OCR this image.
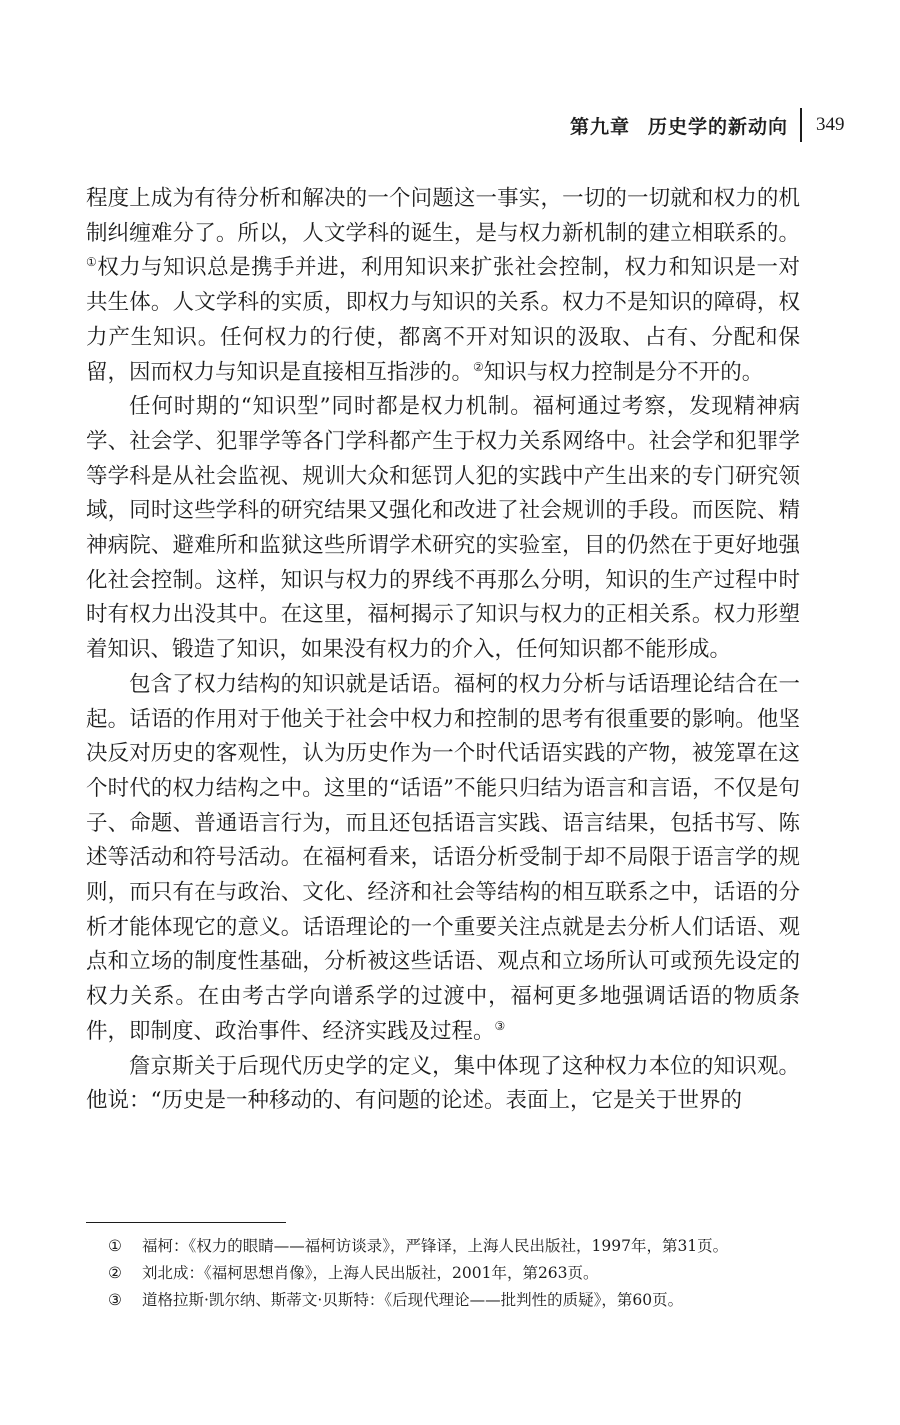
第九章 历史学的新动向 349

程度上成为有待分析和解决的一个问题这一事实，一切的一切就和权力的机制纠缠难分了。所以，人文学科的诞生，是与权力新机制的建立相联系的。①权力与知识总是携手并进，利用知识来扩张社会控制，权力和知识是一对共生体。人文学科的实质，即权力与知识的关系。权力不是知识的障碍，权力产生知识。任何权力的行使，都离不开对知识的汲取、占有、分配和保留，因而权力与知识是直接相互指涉的。②知识与权力控制是分不开的。

任何时期的“知识型”同时都是权力机制。福柯通过考察，发现精神病学、社会学、犯罪学等各门学科都产生于权力关系网络中。社会学和犯罪学等学科是从社会监视、规训大众和惩罚人犯的实践中产生出来的专门研究领域，同时这些学科的研究结果又强化和改进了社会规训的手段。而医院、精神病院、避难所和监狱这些所谓学术研究的实验室，目的仍然在于更好地强化社会控制。这样，知识与权力的界线不再那么分明，知识的生产过程中时时有权力出没其中。在这里，福柯揭示了知识与权力的正相关系。权力形塑着知识、锻造了知识，如果没有权力的介入，任何知识都不能形成。

包含了权力结构的知识就是话语。福柯的权力分析与话语理论结合在一起。话语的作用对于他关于社会中权力和控制的思考有很重要的影响。他坚决反对历史的客观性，认为历史作为一个时代话语实践的产物，被笼罩在这个时代的权力结构之中。这里的“话语”不能只归结为语言和言语，不仅是句子、命题、普通语言行为，而且还包括语言实践、语言结果，包括书写、陈述等活动和符号活动。在福柯看来，话语分析受制于却不局限于语言学的规则，而只有在与政治、文化、经济和社会等结构的相互联系之中，话语的分析才能体现它的意义。话语理论的一个重要关注点就是去分析人们话语、观点和立场的制度性基础，分析被这些话语、观点和立场所认可或预先设定的权力关系。在由考古学向谱系学的过渡中，福柯更多地强调话语的物质条件，即制度、政治事件、经济实践及过程。③

詹京斯关于后现代历史学的定义，集中体现了这种权力本位的知识观。他说：“历史是一种移动的、有问题的论述。表面上，它是关于世界的

① 福柯：《权力的眼睛——福柯访谈录》，严锋译，上海人民出版社，1997年，第31页。
② 刘北成：《福柯思想肖像》，上海人民出版社，2001年，第263页。
③ 道格拉斯·凯尔纳、斯蒂文·贝斯特：《后现代理论——批判性的质疑》，第60页。
